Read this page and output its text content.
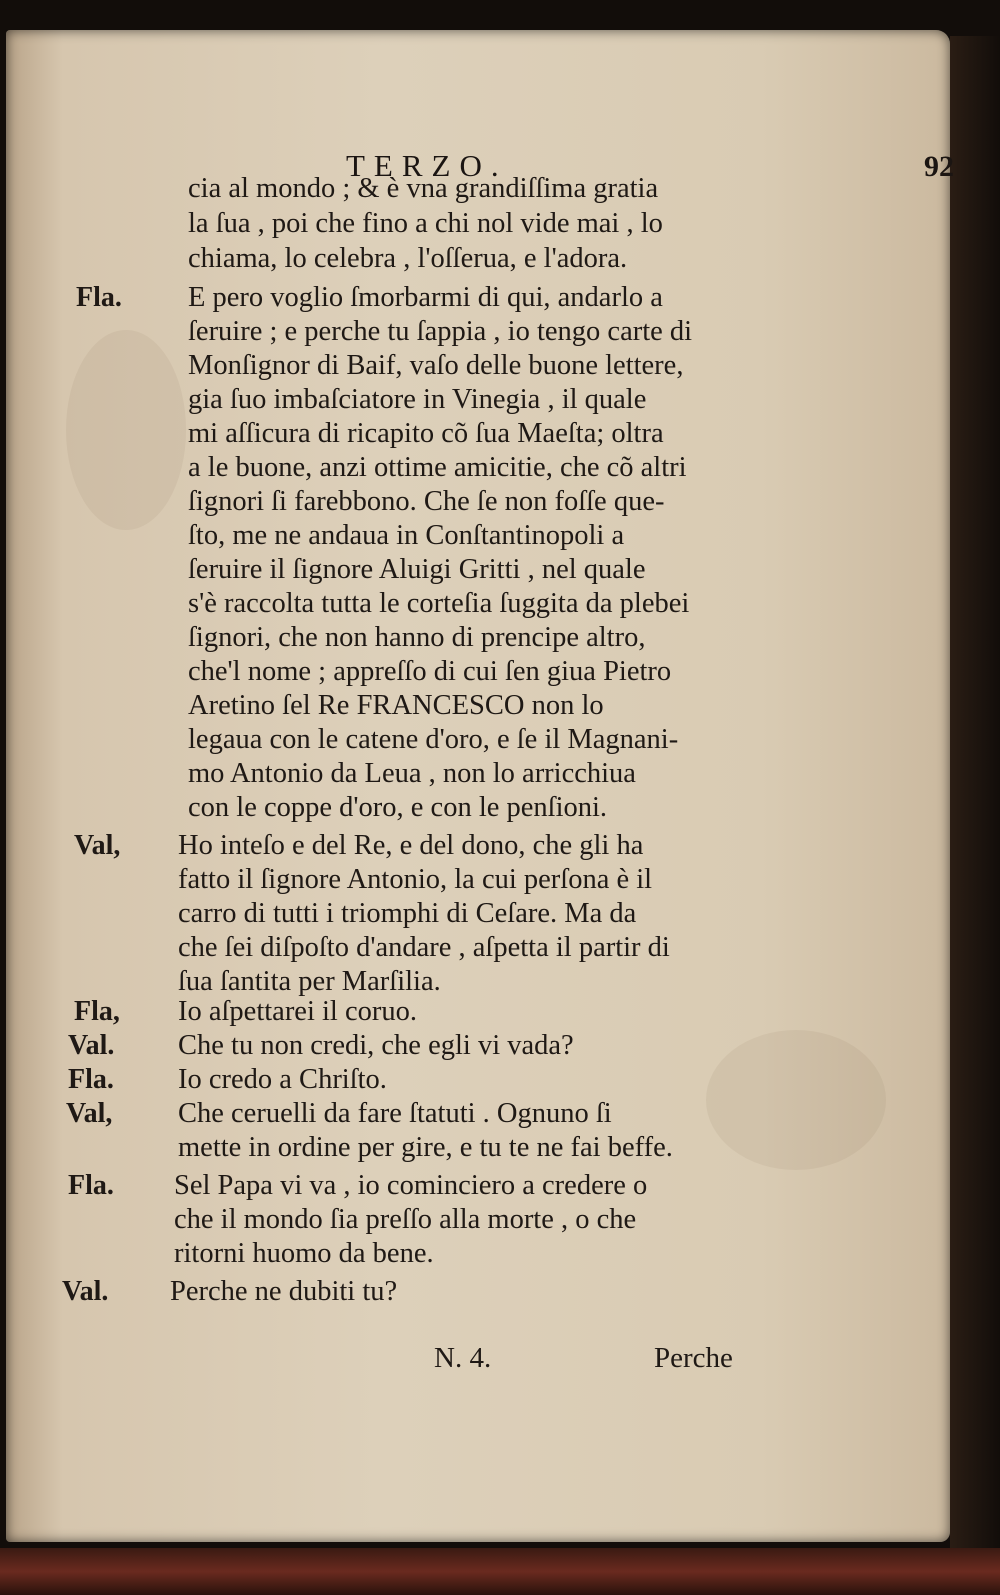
TERZO.	92
Fla.
Val,
Fla,
Val.
Fla.
Val,
Fla.
Val.
cia al mondo ; & è vna grandiſſima gratia
la ſua , poi che fino a chi nol vide mai , lo
chiama, lo celebra , l'oſſerua, e l'adora.
E pero voglio ſmorbarmi di qui, andarlo a
ſeruire ; e perche tu ſappia , io tengo carte di
Monſignor di Baif, vaſo delle buone lettere,
gia ſuo imbaſciatore in Vinegia , il quale
mi aſſicura di ricapito cõ ſua Maeſta; oltra
a le buone, anzi ottime amicitie, che cõ altri
ſignori ſi farebbono. Che ſe non foſſe que-
ſto, me ne andaua in Conſtantinopoli a
ſeruire il ſignore Aluigi Gritti , nel quale
s'è raccolta tutta le corteſia ſuggita da plebei
ſignori, che non hanno di prencipe altro,
che'l nome ; appreſſo di cui ſen giua Pietro
Aretino ſel Re FRANCESCO non lo
legaua con le catene d'oro, e ſe il Magnani-
mo Antonio da Leua , non lo arricchiua
con le coppe d'oro, e con le penſioni.
Ho inteſo e del Re, e del dono, che gli ha
fatto il ſignore Antonio, la cui perſona è il
carro di tutti i triomphi di Ceſare. Ma da
che ſei diſpoſto d'andare , aſpetta il partir di
ſua ſantita per Marſilia.
Io aſpettarei il coruo.
Che tu non credi, che egli vi vada?
Io credo a Chriſto.
Che ceruelli da fare ſtatuti . Ognuno ſi
mette in ordine per gire, e tu te ne fai beffe.
Sel Papa vi va , io cominciero a credere o
che il mondo ſia preſſo alla morte , o che
ritorni huomo da bene.
Perche ne dubiti tu?
N. 4.	Perche
